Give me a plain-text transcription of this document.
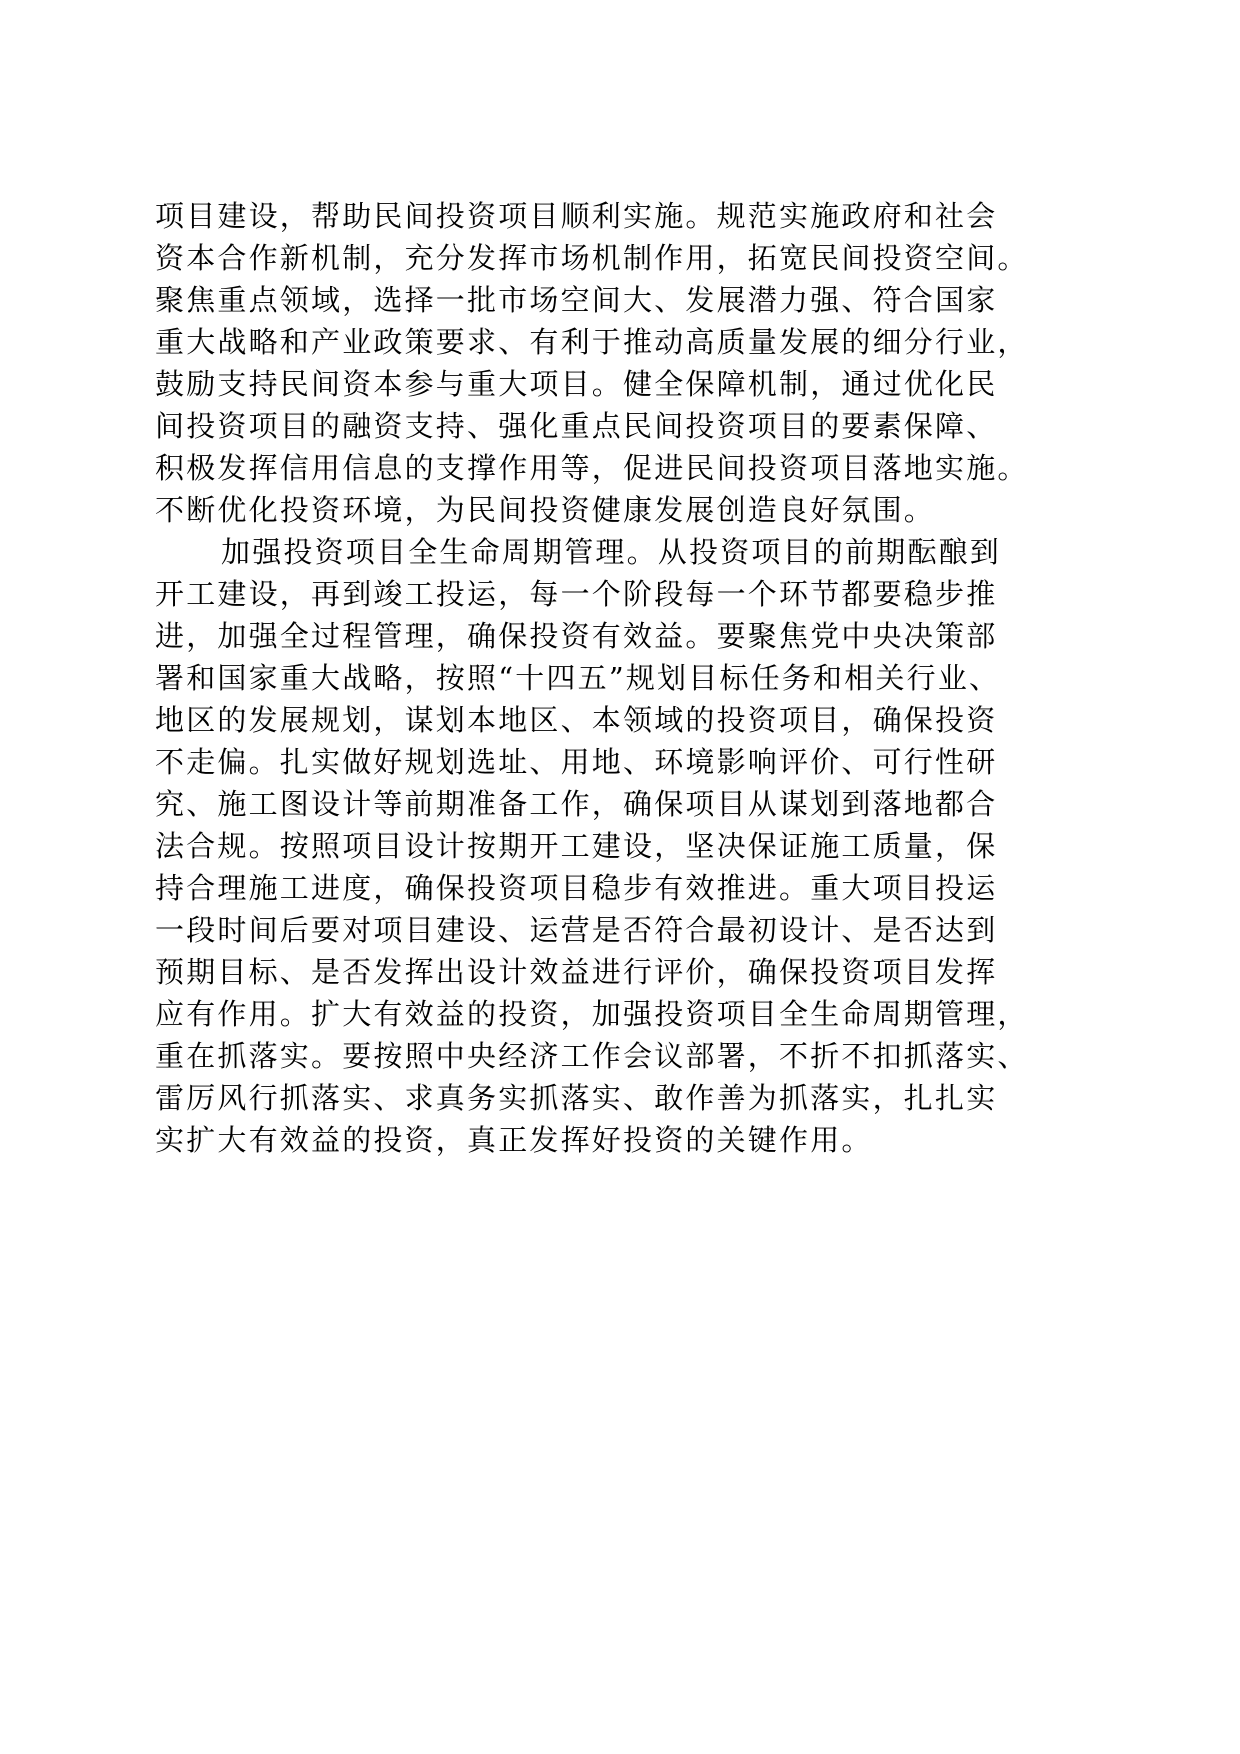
项目建设，帮助民间投资项目顺利实施。规范实施政府和社会
资本合作新机制，充分发挥市场机制作用，拓宽民间投资空间。
聚焦重点领域，选择一批市场空间大、发展潜力强、符合国家
重大战略和产业政策要求、有利于推动高质量发展的细分行业，
鼓励支持民间资本参与重大项目。健全保障机制，通过优化民
间投资项目的融资支持、强化重点民间投资项目的要素保障、
积极发挥信用信息的支撑作用等，促进民间投资项目落地实施。
不断优化投资环境，为民间投资健康发展创造良好氛围。
加强投资项目全生命周期管理。从投资项目的前期酝酿到
开工建设，再到竣工投运，每一个阶段每一个环节都要稳步推
进，加强全过程管理，确保投资有效益。要聚焦党中央决策部
署和国家重大战略，按照“十四五”规划目标任务和相关行业、
地区的发展规划，谋划本地区、本领域的投资项目，确保投资
不走偏。扎实做好规划选址、用地、环境影响评价、可行性研
究、施工图设计等前期准备工作，确保项目从谋划到落地都合
法合规。按照项目设计按期开工建设，坚决保证施工质量，保
持合理施工进度，确保投资项目稳步有效推进。重大项目投运
一段时间后要对项目建设、运营是否符合最初设计、是否达到
预期目标、是否发挥出设计效益进行评价，确保投资项目发挥
应有作用。扩大有效益的投资，加强投资项目全生命周期管理，
重在抓落实。要按照中央经济工作会议部署，不折不扣抓落实、
雷厉风行抓落实、求真务实抓落实、敢作善为抓落实，扎扎实
实扩大有效益的投资，真正发挥好投资的关键作用。
